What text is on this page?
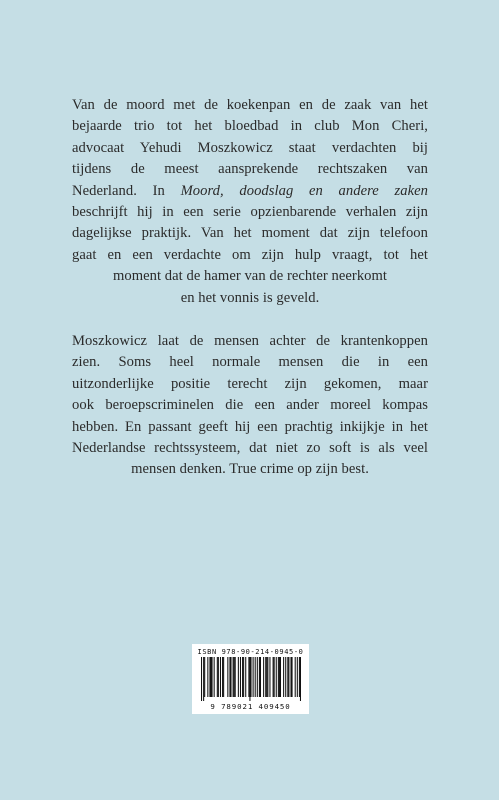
Van de moord met de koekenpan en de zaak van het
bejaarde trio tot het bloedbad in club Mon Cheri,
advocaat Yehudi Moszkowicz staat verdachten bij
tijdens de meest aansprekende rechtszaken van
Nederland. In Moord, doodslag en andere zaken
beschrijft hij in een serie opzienbarende verhalen zijn
dagelijkse praktijk. Van het moment dat zijn telefoon
gaat en een verdachte om zijn hulp vraagt, tot het
moment dat de hamer van de rechter neerkomt
en het vonnis is geveld.
Moszkowicz laat de mensen achter de krantenkoppen
zien. Soms heel normale mensen die in een
uitzonderlijke positie terecht zijn gekomen, maar
ook beroepscriminelen die een ander moreel kompas
hebben. En passant geeft hij een prachtig inkijkje in het
Nederlandse rechtssysteem, dat niet zo soft is als veel
mensen denken. True crime op zijn best.
ISBN 978-90-214-0945-0
9 789021 409450
